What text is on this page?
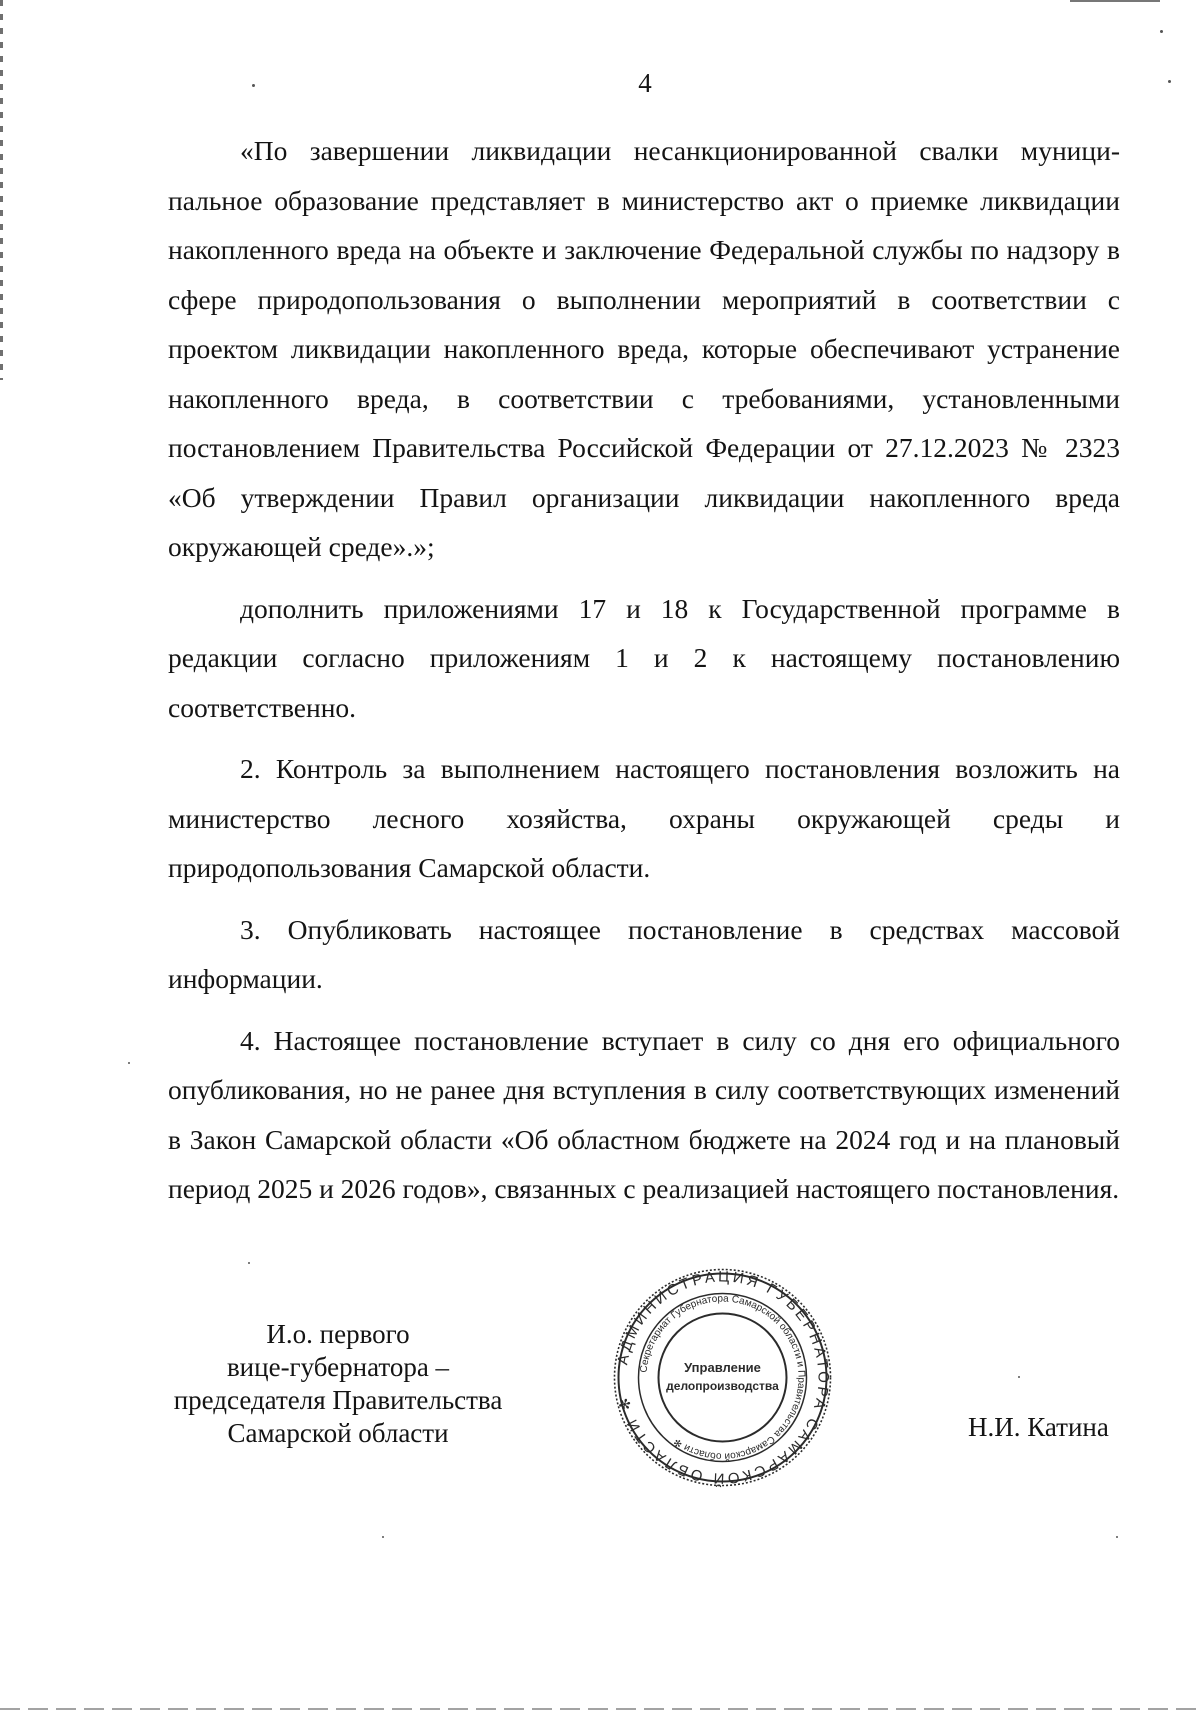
4

«По завершении ликвидации несанкционированной свалки муниципальное образование представляет в министерство акт о приемке ликвидации накопленного вреда на объекте и заключение Федеральной службы по надзору в сфере природопользования о выполнении мероприятий в соответствии с проектом ликвидации накопленного вреда, которые обеспечивают устранение накопленного вреда, в соответствии с требованиями, установленными постановлением Правительства Российской Федерации от 27.12.2023 № 2323 «Об утверждении Правил организации ликвидации накопленного вреда окружающей среде».»;

дополнить приложениями 17 и 18 к Государственной программе в редакции согласно приложениям 1 и 2 к настоящему постановлению соответственно.

2. Контроль за выполнением настоящего постановления возложить на министерство лесного хозяйства, охраны окружающей среды и природопользования Самарской области.

3. Опубликовать настоящее постановление в средствах массовой информации.

4. Настоящее постановление вступает в силу со дня его официального опубликования, но не ранее дня вступления в силу соответствующих изменений в Закон Самарской области «Об областном бюджете на 2024 год и на плановый период 2025 и 2026 годов», связанных с реализацией настоящего постановления.

И.о. первого
вице-губернатора –
председателя Правительства
Самарской области
АДМИНИСТРАЦИЯ ГУБЕРНАТОРА САМАРСКОЙ ОБЛАСТИ ✻
Секретариат Губернатора Самарской области и Правительства Самарской области ✻
Управление
делопроизводства
Н.И. Катина
